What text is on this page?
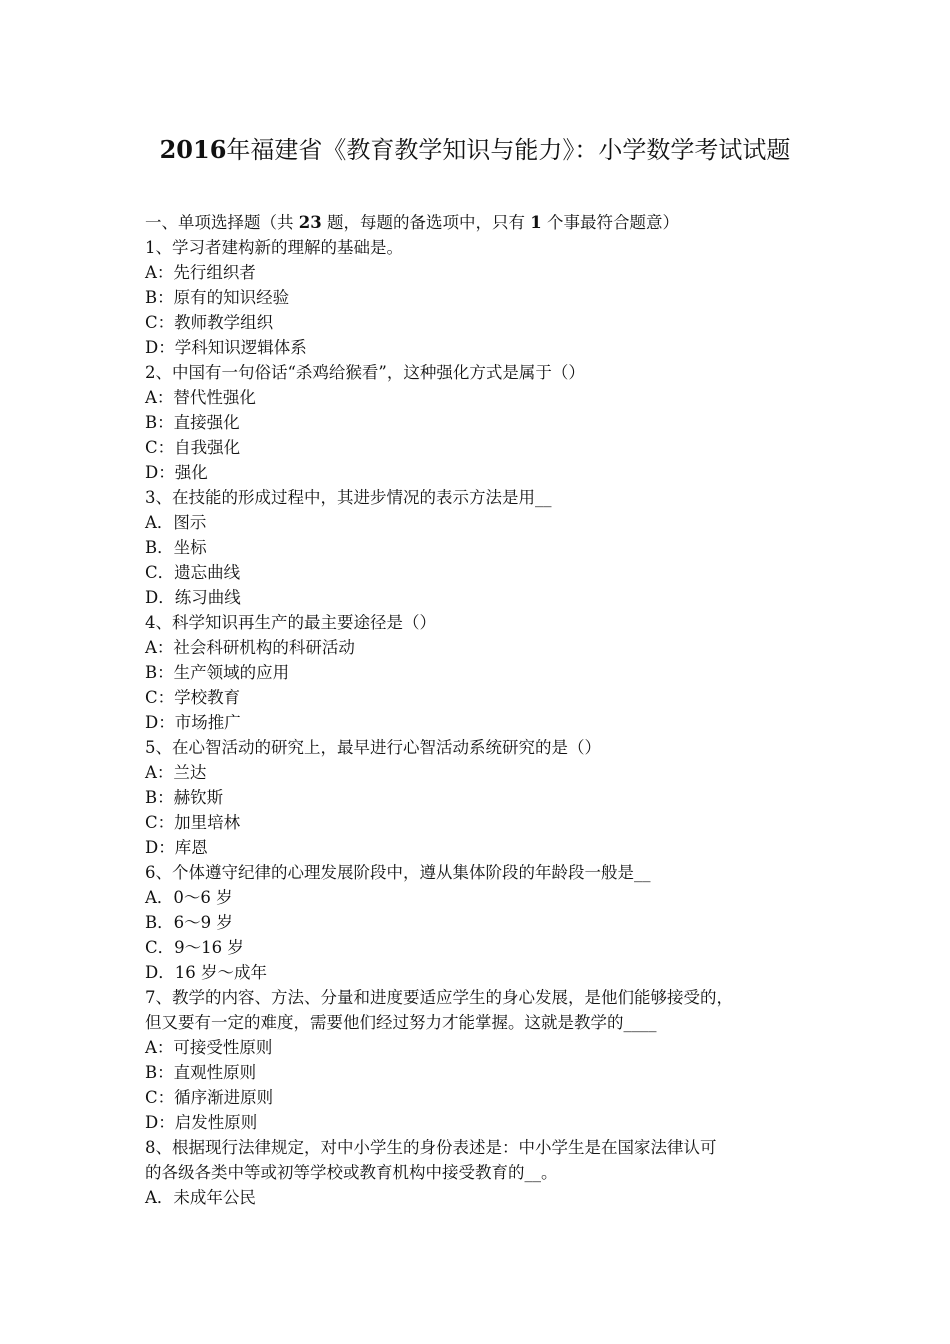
2016年福建省《教育教学知识与能力》：小学数学考试试题

一、单项选择题（共 23 题，每题的备选项中，只有 1 个事最符合题意）

1、学习者建构新的理解的基础是。

A：先行组织者

B：原有的知识经验

C：教师教学组织

D：学科知识逻辑体系

2、中国有一句俗话“杀鸡给猴看”，这种强化方式是属于（）

A：替代性强化

B：直接强化

C：自我强化

D：强化

3、在技能的形成过程中，其进步情况的表示方法是用__

A．图示

B．坐标

C．遗忘曲线

D．练习曲线

4、科学知识再生产的最主要途径是（）

A：社会科研机构的科研活动

B：生产领域的应用

C：学校教育

D：市场推广

5、在心智活动的研究上，最早进行心智活动系统研究的是（）

A：兰达

B：赫钦斯

C：加里培林

D：库恩

6、个体遵守纪律的心理发展阶段中，遵从集体阶段的年龄段一般是__

A．0～6 岁

B．6～9 岁

C．9～16 岁

D．16 岁～成年

7、教学的内容、方法、分量和进度要适应学生的身心发展，是他们能够接受的，

但又要有一定的难度，需要他们经过努力才能掌握。这就是教学的____

A：可接受性原则

B：直观性原则

C：循序渐进原则

D：启发性原则

8、根据现行法律规定，对中小学生的身份表述是：中小学生是在国家法律认可

的各级各类中等或初等学校或教育机构中接受教育的__。

A．未成年公民
